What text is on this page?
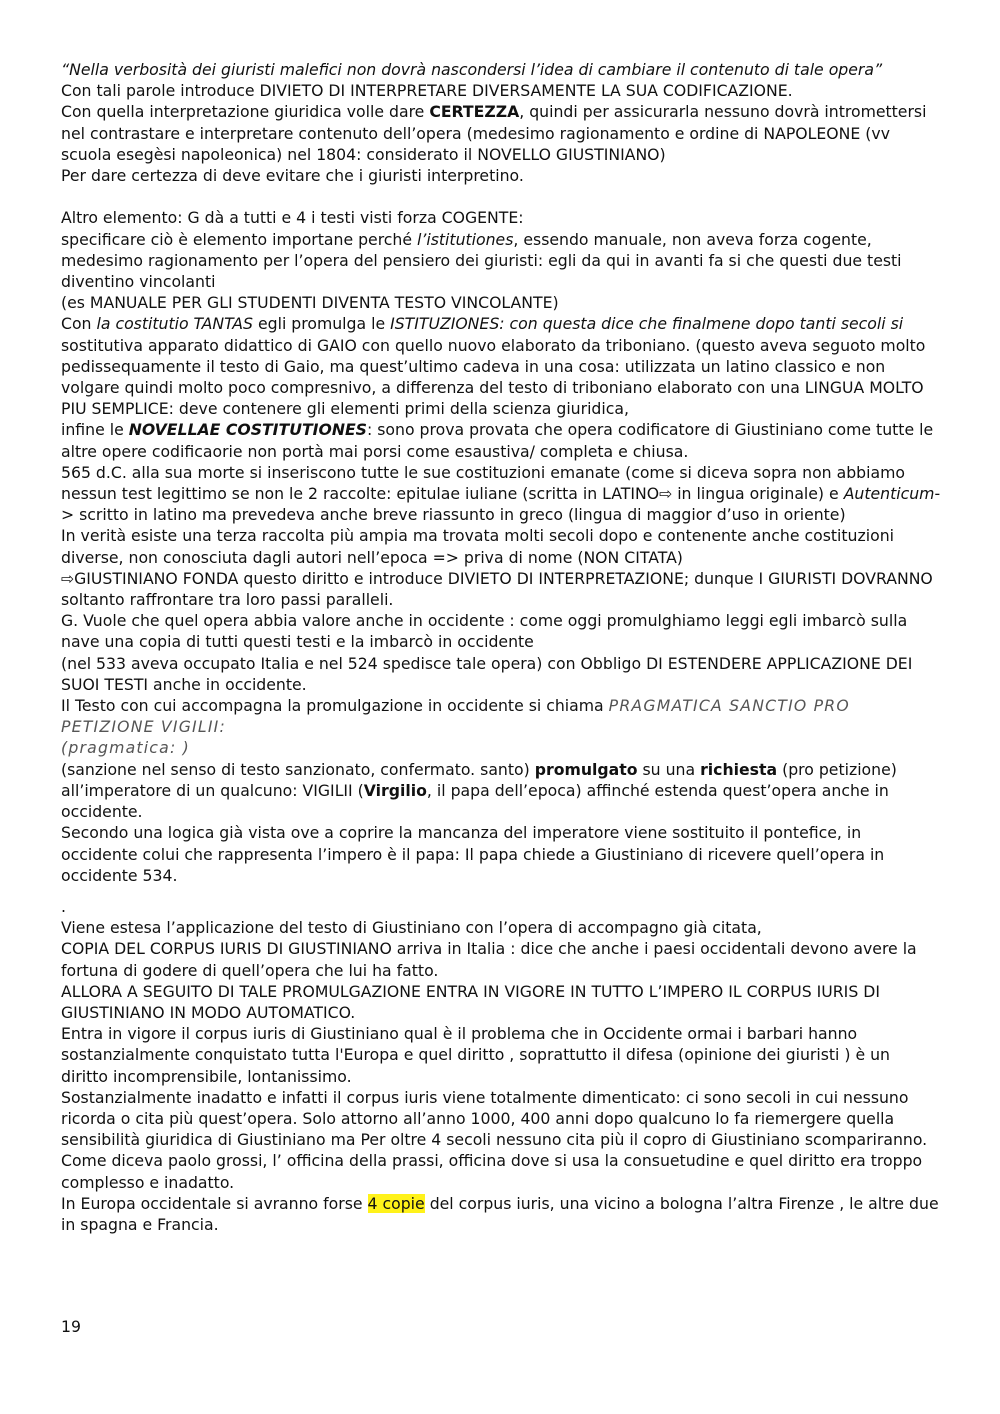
“Nella verbosità dei giuristi malefici non dovrà nascondersi l’idea di cambiare il contenuto di tale opera”

Con tali parole introduce DIVIETO DI INTERPRETARE DIVERSAMENTE LA SUA CODIFICAZIONE.

Con quella interpretazione giuridica volle dare CERTEZZA, quindi per assicurarla nessuno dovrà intromettersi nel contrastare e interpretare contenuto dell’opera (medesimo ragionamento e ordine di NAPOLEONE (vv scuola esegèsi napoleonica) nel 1804: considerato il NOVELLO GIUSTINIANO)

Per dare certezza di deve evitare che i giuristi interpretino.

Altro elemento: G dà a tutti e 4 i testi visti forza COGENTE:

specificare ciò è elemento importane perché l’istitutiones, essendo manuale, non aveva forza cogente, medesimo ragionamento per l’opera del pensiero dei giuristi: egli da qui in avanti fa si che questi due testi diventino vincolanti

(es MANUALE PER GLI STUDENTI DIVENTA TESTO VINCOLANTE)

Con la costitutio TANTAS egli promulga le ISTITUZIONES: con questa dice che finalmene dopo tanti secoli si sostitutiva apparato didattico di GAIO con quello nuovo elaborato da triboniano. (questo aveva seguoto molto pedissequamente il testo di Gaio, ma quest’ultimo cadeva in una cosa: utilizzata un latino classico e non volgare quindi molto poco compresnivo, a differenza del testo di triboniano elaborato con una LINGUA MOLTO PIU SEMPLICE: deve contenere gli elementi primi della scienza giuridica,

infine le NOVELLAE COSTITUTIONES: sono prova provata che opera codificatore di Giustiniano come tutte le altre opere codificaorie non portà mai porsi come esaustiva/ completa e chiusa.

565 d.C. alla sua morte si inseriscono tutte le sue costituzioni emanate (come si diceva sopra non abbiamo nessun test legittimo se non le 2 raccolte: epitulae iuliane (scritta in LATINO⇨ in lingua originale) e Autenticum-> scritto in latino ma prevedeva anche breve riassunto in greco (lingua di maggior d’uso in oriente)

In verità esiste una terza raccolta più ampia ma trovata molti secoli dopo e contenente anche costituzioni diverse, non conosciuta dagli autori nell’epoca => priva di nome (NON CITATA)

⇨GIUSTINIANO FONDA questo diritto e introduce DIVIETO DI INTERPRETAZIONE; dunque I GIURISTI DOVRANNO soltanto raffrontare tra loro passi paralleli.

G. Vuole che quel opera abbia valore anche in occidente : come oggi promulghiamo leggi egli imbarcò sulla nave una copia di tutti questi testi e la imbarcò in occidente

(nel 533 aveva occupato Italia e nel 524 spedisce tale opera) con Obbligo DI ESTENDERE APPLICAZIONE DEI SUOI TESTI anche in occidente.

Il Testo con cui accompagna la promulgazione in occidente si chiama PRAGMATICA SANCTIO PRO PETIZIONE VIGILII:

(pragmatica: )

(sanzione nel senso di testo sanzionato, confermato. santo) promulgato su una richiesta (pro petizione) all’imperatore di un qualcuno: VIGILII (Virgilio, il papa dell’epoca) affinché estenda quest’opera anche in occidente.

Secondo una logica già vista ove a coprire la mancanza del imperatore viene sostituito il pontefice, in occidente colui che rappresenta l’impero è il papa: Il papa chiede a Giustiniano di ricevere quell’opera in occidente 534.

.

Viene estesa l’applicazione del testo di Giustiniano con l’opera di accompagno già citata,

COPIA DEL CORPUS IURIS DI GIUSTINIANO arriva in Italia : dice che anche i paesi occidentali devono avere la fortuna di godere di quell’opera che lui ha fatto.

ALLORA A SEGUITO DI TALE PROMULGAZIONE ENTRA IN VIGORE IN TUTTO L’IMPERO IL CORPUS IURIS DI GIUSTINIANO IN MODO AUTOMATICO.

Entra in vigore il corpus iuris di Giustiniano qual è il problema che in Occidente ormai i barbari hanno sostanzialmente conquistato tutta l'Europa e quel diritto , soprattutto il difesa (opinione dei giuristi ) è un diritto incomprensibile, lontanissimo.

Sostanzialmente inadatto e infatti il corpus iuris viene totalmente dimenticato: ci sono secoli in cui nessuno ricorda o cita più quest’opera. Solo attorno all’anno 1000, 400 anni dopo qualcuno lo fa riemergere quella sensibilità giuridica di Giustiniano ma Per oltre 4 secoli nessuno cita più il copro di Giustiniano scompariranno.

Come diceva paolo grossi, l’ officina della prassi, officina dove si usa la consuetudine e quel diritto era troppo complesso e inadatto.

In Europa occidentale si avranno forse 4 copie del corpus iuris, una vicino a bologna l’altra Firenze , le altre due in spagna e Francia.

19
